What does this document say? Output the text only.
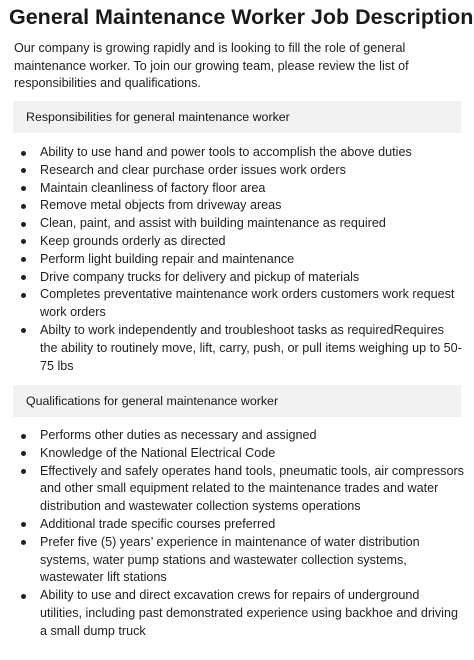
General Maintenance Worker Job Description

Our company is growing rapidly and is looking to fill the role of general maintenance worker. To join our growing team, please review the list of responsibilities and qualifications.

Responsibilities for general maintenance worker
Ability to use hand and power tools to accomplish the above duties
Research and clear purchase order issues work orders
Maintain cleanliness of factory floor area
Remove metal objects from driveway areas
Clean, paint, and assist with building maintenance as required
Keep grounds orderly as directed
Perform light building repair and maintenance
Drive company trucks for delivery and pickup of materials
Completes preventative maintenance work orders customers work request work orders
Abilty to work independently and troubleshoot tasks as requiredRequires the ability to routinely move, lift, carry, push, or pull items weighing up to 50-75 lbs
Qualifications for general maintenance worker
Performs other duties as necessary and assigned
Knowledge of the National Electrical Code
Effectively and safely operates hand tools, pneumatic tools, air compressors and other small equipment related to the maintenance trades and water distribution and wastewater collection systems operations
Additional trade specific courses preferred
Prefer five (5) years’ experience in maintenance of water distribution systems, water pump stations and wastewater collection systems, wastewater lift stations
Ability to use and direct excavation crews for repairs of underground utilities, including past demonstrated experience using backhoe and driving a small dump truck
